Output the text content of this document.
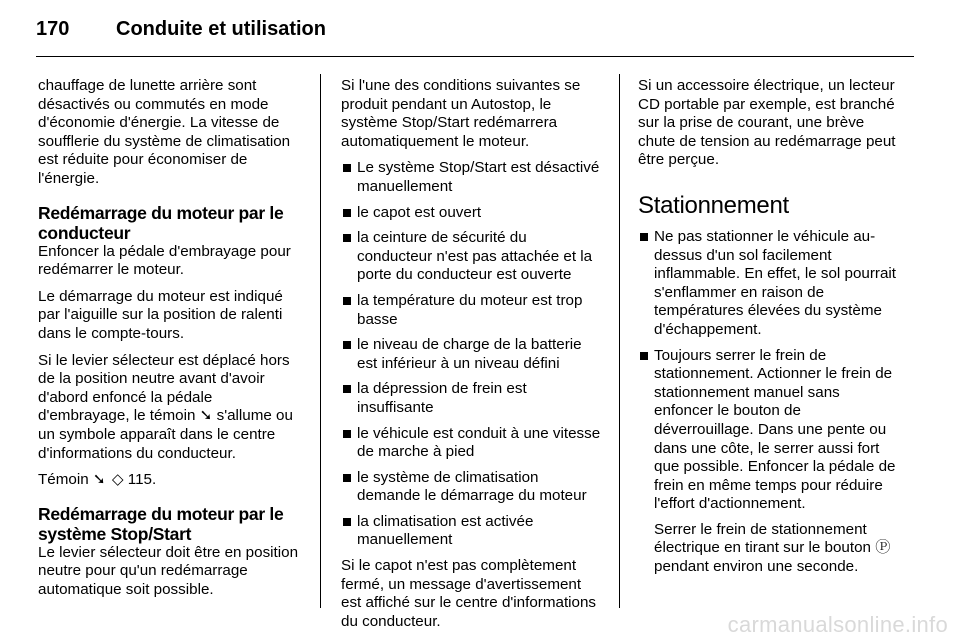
170 Conduite et utilisation

chauffage de lunette arrière sont désactivés ou commutés en mode d'économie d'énergie. La vitesse de soufflerie du système de climatisation est réduite pour économiser de l'énergie.

Redémarrage du moteur par le conducteur

Enfoncer la pédale d'embrayage pour redémarrer le moteur.

Le démarrage du moteur est indiqué par l'aiguille sur la position de ralenti dans le compte-tours.

Si le levier sélecteur est déplacé hors de la position neutre avant d'avoir d'abord enfoncé la pédale d'embrayage, le témoin ➘ s'allume ou un symbole apparaît dans le centre d'informations du conducteur.

Témoin ➘ ◇ 115.

Redémarrage du moteur par le système Stop/Start

Le levier sélecteur doit être en position neutre pour qu'un redémarrage automatique soit possible.

Si l'une des conditions suivantes se produit pendant un Autostop, le système Stop/Start redémarrera automatiquement le moteur.

Le système Stop/Start est désactivé manuellement
le capot est ouvert
la ceinture de sécurité du conducteur n'est pas attachée et la porte du conducteur est ouverte
la température du moteur est trop basse
le niveau de charge de la batterie est inférieur à un niveau défini
la dépression de frein est insuffisante
le véhicule est conduit à une vitesse de marche à pied
le système de climatisation demande le démarrage du moteur
la climatisation est activée manuellement

Si le capot n'est pas complètement fermé, un message d'avertissement est affiché sur le centre d'informations du conducteur.

Si un accessoire électrique, un lecteur CD portable par exemple, est branché sur la prise de courant, une brève chute de tension au redémarrage peut être perçue.

Stationnement
Ne pas stationner le véhicule au-dessus d'un sol facilement inflammable. En effet, le sol pourrait s'enflammer en raison de températures élevées du système d'échappement.
Toujours serrer le frein de stationnement. Actionner le frein de stationnement manuel sans enfoncer le bouton de déverrouillage. Dans une pente ou dans une côte, le serrer aussi fort que possible. Enfoncer la pédale de frein en même temps pour réduire l'effort d'actionnement.

Serrer le frein de stationnement électrique en tirant sur le bouton Ⓟ pendant environ une seconde.

carmanualsonline.info
